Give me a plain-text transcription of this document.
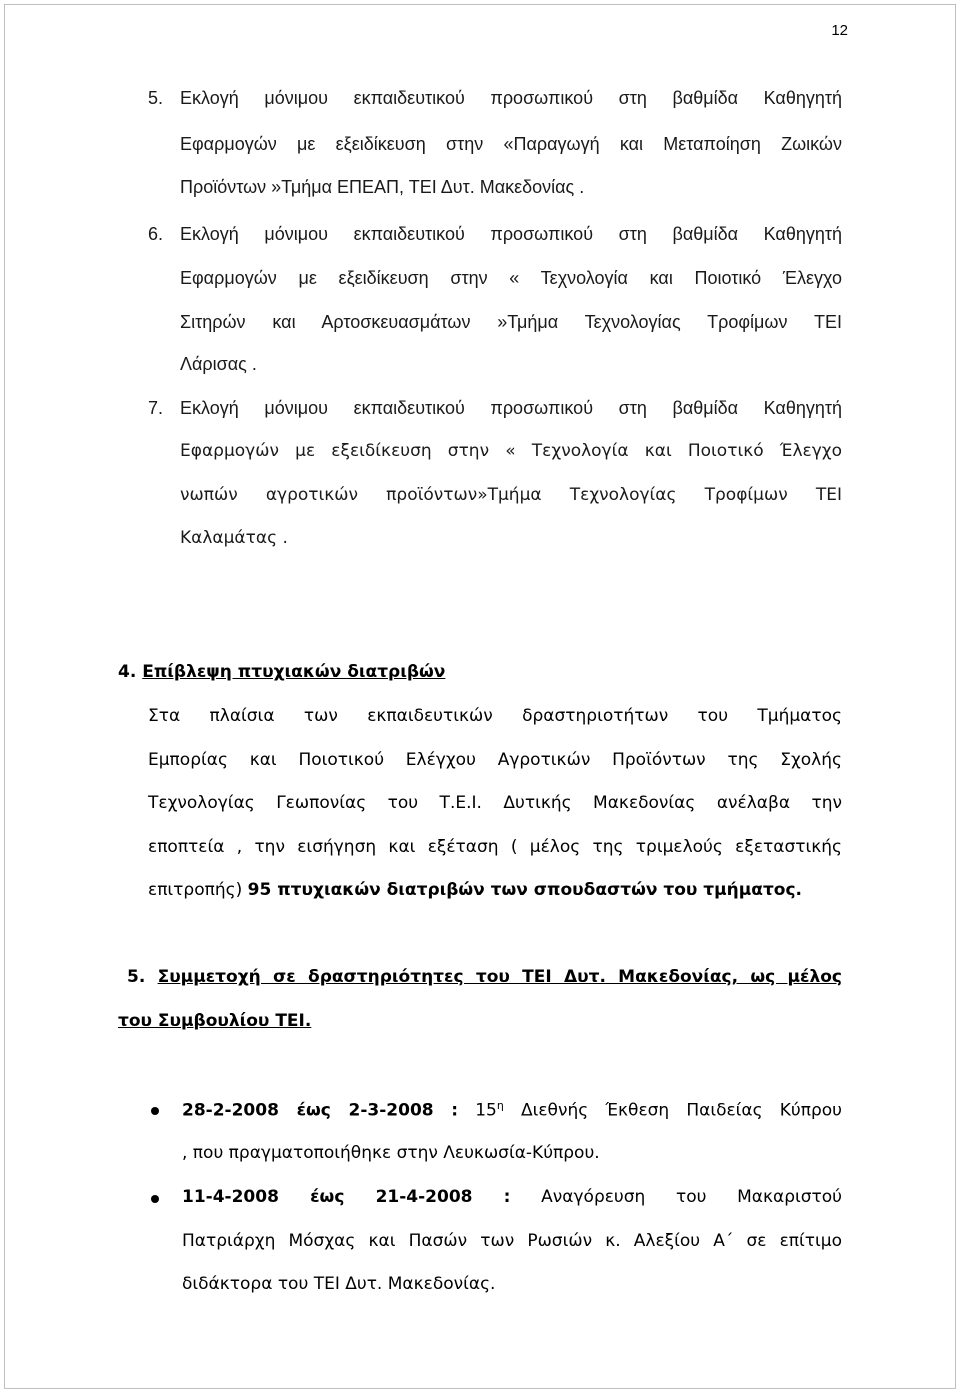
12
5. Εκλογή μόνιμου εκπαιδευτικού προσωπικού στη βαθμίδα Καθηγητή
Εφαρμογών με εξειδίκευση στην «Παραγωγή και Μεταποίηση Ζωικών
Προϊόντων »Τμήμα ΕΠΕΑΠ, ΤΕΙ Δυτ. Μακεδονίας .
6. Εκλογή μόνιμου εκπαιδευτικού προσωπικού στη βαθμίδα Καθηγητή
Εφαρμογών με εξειδίκευση στην « Τεχνολογία και Ποιοτικό Έλεγχο
Σιτηρών και Αρτοσκευασμάτων »Τμήμα Τεχνολογίας Τροφίμων ΤΕΙ
Λάρισας .
7. Εκλογή μόνιμου εκπαιδευτικού προσωπικού στη βαθμίδα Καθηγητή
Εφαρμογών με εξειδίκευση στην « Τεχνολογία και Ποιοτικό Έλεγχο
νωπών αγροτικών προϊόντων»Τμήμα Τεχνολογίας Τροφίμων ΤΕΙ
Καλαμάτας .
4. Επίβλεψη πτυχιακών διατριβών
Στα πλαίσια των εκπαιδευτικών δραστηριοτήτων του Τμήματος
Εμπορίας και Ποιοτικού Ελέγχου Αγροτικών Προϊόντων της Σχολής
Τεχνολογίας Γεωπονίας του Τ.Ε.Ι. Δυτικής Μακεδονίας ανέλαβα την
εποπτεία , την εισήγηση και εξέταση ( μέλος της τριμελούς εξεταστικής
επιτροπής) 95 πτυχιακών διατριβών των σπουδαστών του τμήματος.
5. Συμμετοχή σε δραστηριότητες του ΤΕΙ Δυτ. Μακεδονίας, ως μέλος
του Συμβουλίου ΤΕΙ.
28-2-2008 έως 2-3-2008 : $15^\eta$ Διεθνής Έκθεση Παιδείας Κύπρου
, που πραγματοποιήθηκε στην Λευκωσία-Κύπρου.
11-4-2008 έως 21-4-2008 : Αναγόρευση του Μακαριστού
Πατριάρχη Μόσχας και Πασών των Ρωσιών κ. Αλεξίου Α΄ σε επίτιμο
διδάκτορα του ΤΕΙ Δυτ. Μακεδονίας.
